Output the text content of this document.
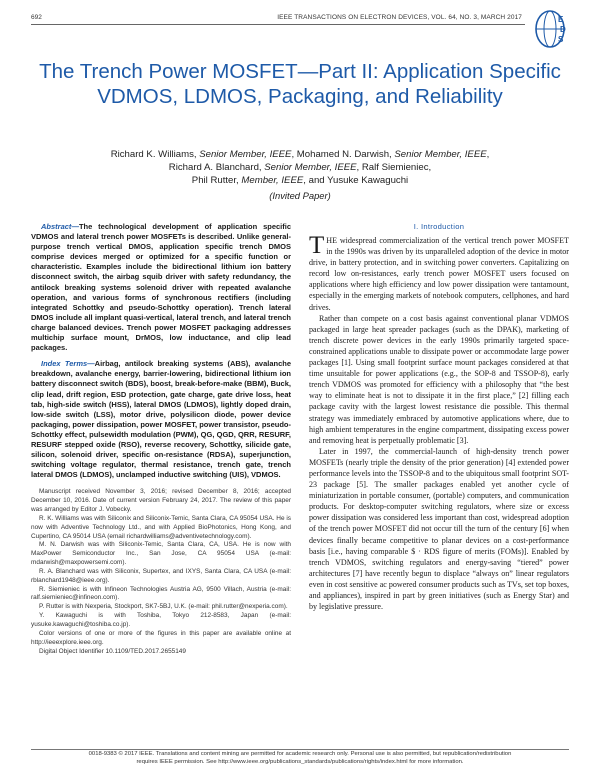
692	IEEE TRANSACTIONS ON ELECTRON DEVICES, VOL. 64, NO. 3, MARCH 2017	E
D
S
The Trench Power MOSFET—Part II: Application Specific VDMOS, LDMOS, Packaging, and Reliability
Richard K. Williams, Senior Member, IEEE, Mohamed N. Darwish, Senior Member, IEEE,
Richard A. Blanchard, Senior Member, IEEE, Ralf Siemieniec,
Phil Rutter, Member, IEEE, and Yusuke Kawaguchi
(Invited Paper)

Abstract—The technological development of application specific VDMOS and lateral trench power MOSFETs is described. Unlike general-purpose trench vertical DMOS, application specific trench DMOS comprise devices merged or optimized for a specific function or characteristic. Examples include the bidirectional lithium ion battery disconnect switch, the airbag squib driver with safety redundancy, the antilock breaking systems solenoid driver with repeated avalanche operation, and various forms of synchronous rectifiers (including integrated Schottky and pseudo-Schottky operation). Trench lateral DMOS include all implant quasi-vertical, lateral trench, and lateral trench charge balanced devices. Trench power MOSFET packaging addresses multichip surface mount, DrMOS, low inductance, and clip lead packages.

Index Terms—Airbag, antilock breaking systems (ABS), avalanche breakdown, avalanche energy, barrier-lowering, bidirectional lithium ion battery disconnect switch (BDS), boost, break-before-make (BBM), Buck, clip lead, drift region, ESD protection, gate charge, gate drive loss, heat tab, high-side switch (HSS), lateral DMOS (LDMOS), lightly doped drain, low-side switch (LSS), motor drive, polysilicon diode, power device packaging, power dissipation, power MOSFET, power transistor, pseudo-Schottky effect, pulsewidth modulation (PWM), QG, QGD, QRR, RESURF, RESURF stepped oxide (RSO), reverse recovery, Schottky, silicide gate, silicon, solenoid driver, specific on-resistance (RDSA), superjunction, switching voltage regulator, thermal resistance, trench gate, trench lateral DMOS (LDMOS), unclamped inductive switching (UIS), VDMOS.

Manuscript received November 3, 2016; revised December 8, 2016; accepted December 10, 2016. Date of current version February 24, 2017. The review of this paper was arranged by Editor J. Vobecky.

R. K. Williams was with Siliconix and Siliconix-Temic, Santa Clara, CA 95054 USA. He is now with Adventive Technology Ltd., and with Applied BioPhotonics, Hong Kong, and Cupertino, CA 95014 USA (email richardwilliams@adventivetechnology.com).

M. N. Darwish was with Siliconix-Temic, Santa Clara, CA, USA. He is now with MaxPower Semiconductor Inc., San Jose, CA 95054 USA (e-mail: mdarwish@maxpowersemi.com).

R. A. Blanchard was with Siliconix, Supertex, and IXYS, Santa Clara, CA USA (e-mail: rblanchard1948@ieee.org).

R. Siemieniec is with Infineon Technologies Austria AG, 9500 Villach, Austria (e-mail: ralf.siemieniec@infineon.com).

P. Rutter is with Nexperia, Stockport, SK7-5BJ, U.K. (e-mail: phil.rutter@nexperia.com).

Y. Kawaguchi is with Toshiba, Tokyo 212-8583, Japan (e-mail: yusuke.kawaguchi@toshiba.co.jp).

Color versions of one or more of the figures in this paper are available online at http://ieeexplore.ieee.org.

Digital Object Identifier 10.1109/TED.2017.2655149

I. Introduction

THE widespread commercialization of the vertical trench power MOSFET in the 1990s was driven by its unparalleled adoption of the device in motor drive, in battery protection, and in switching power converters. Capitalizing on record low on-resistances, early trench power MOSFET users focused on applications where high efficiency and low power dissipation were tantamount, especially in the emerging markets of notebook computers, cellphones, and hard drives.

Rather than compete on a cost basis against conventional planar VDMOS packaged in large heat spreader packages (such as the DPAK), marketing of trench discrete power devices in the early 1990s primarily targeted space-constrained applications unable to dissipate power or accommodate large power packages [1]. Using small footprint surface mount packages considered at that time unsuitable for power applications (e.g., the SOP-8 and TSSOP-8), early trench VDMOS was promoted for efficiency with a philosophy that “the best way to eliminate heat is not to dissipate it in the first place,” [2] filling each package cavity with the largest lowest resistance die possible. This thermal strategy was immediately embraced by automotive applications where, due to high ambient temperatures in the engine compartment, dissipating excess power and removing heat is perpetually problematic [3].

Later in 1997, the commercial-launch of high-density trench power MOSFETs (nearly triple the density of the prior generation) [4] extended power performance levels into the TSSOP-8 and to the ubiquitous small footprint SOT-23 package [5]. The smaller packages enabled yet another cycle of miniaturization in portable consumer, (portable) computers, and communication products. For desktop-computer switching regulators, where size or excess power dissipation was considered less important than cost, widespread adoption of the trench power MOSFET did not occur till the turn of the century [6] when devices finally became competitive to planar devices on a cost-performance basis [i.e., having comparable $ · RDS figure of merits (FOMs)]. Enabled by trench VDMOS, switching regulators and energy-saving “tiered” power architectures [7] have recently begun to displace “always on” linear regulators even in cost sensitive ac powered consumer products such as TVs, set top boxes, and appliances), inspired in part by green initiatives (such as Energy Star) and by legislative pressure.

0018-9383 © 2017 IEEE. Translations and content mining are permitted for academic research only. Personal use is also permitted, but republication/redistribution
requires IEEE permission. See http://www.ieee.org/publications_standards/publications/rights/index.html for more information.
